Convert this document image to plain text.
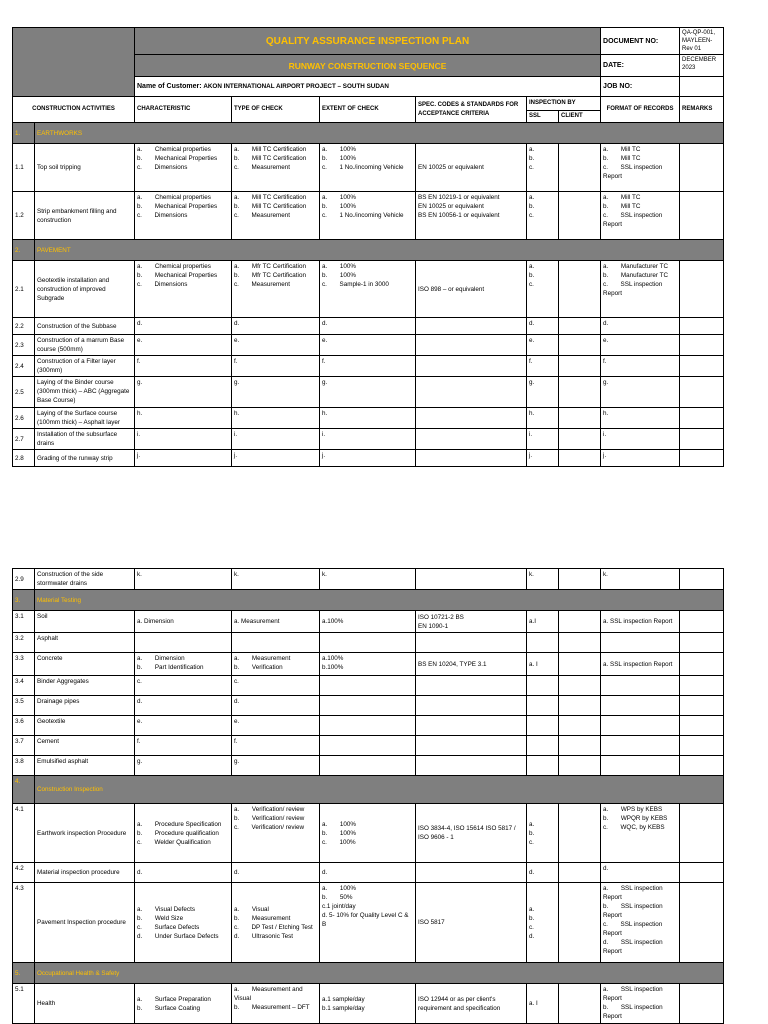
		QUALITY ASSURANCE INSPECTION PLAN						DOCUMENT NO:	QA-QP-001, MAYLEEN- Rev 01
		RUNWAY CONSTRUCTION SEQUENCE						DATE:	DECEMBER 2023
		Name of Customer: AKON INTERNATIONAL AIRPORT PROJECT – SOUTH SUDAN						JOB NO:	
CONSTRUCTION ACTIVITIES		CHARACTERISTIC	TYPE OF CHECK	EXTENT OF CHECK	SPEC. CODES & STANDARDS FOR ACCEPTANCE CRITERIA	INSPECTION BY		FORMAT OF RECORDS	REMARKS
						SSL	CLIENT		
1.	EARTHWORKS								
1.1	Top soil tripping	a.  Chemical properties
b.  Mechanical Properties
c.  Dimensions	a.  Mill TC Certification
b.  Mill TC Certification
c.  Measurement	a.  100%
b.  100%
c.  1 No./incoming Vehicle	EN 10025 or equivalent	a.
b.
c.		a.  Mill TC
b.  Mill TC
c.  SSL inspection Report	

1.2	Strip embankment filling and construction	a.  Chemical properties
b.  Mechanical Properties
c.  Dimensions	a.  Mill TC Certification
b.  Mill TC Certification
c.  Measurement	a.  100%
b.  100%
c.  1 No./incoming Vehicle	BS EN 10219-1 or equivalent
EN 10025 or equivalent
BS EN 10056-1 or equivalent	a.
b.
c.		a.  Mill TC
b.  Mill TC
c.  SSL inspection Report	

2.	PAVEMENT								
2.1	Geotextile installation and construction of improved Subgrade	a.  Chemical properties
b.  Mechanical Properties
c.  Dimensions	a.  Mfr TC Certification
b.  Mfr TC Certification
c.  Measurement	a.  100%
b.  100%
c.  Sample-1 in 3000	ISO 898 – or equivalent	a.
b.
c.		a.  Manufacturer TC
b.  Manufacturer TC
c.  SSL inspection Report	

2.2	Construction of the Subbase	d.	d.	d.		d.		d.	
2.3	Construction of a marrum Base course (500mm)	e.	e.	e.		e.		e.	
2.4	Construction of a Filter layer (300mm)	f.	f.	f.		f.		f.	
2.5	Laying of the Binder course (300mm thick) – ABC (Aggregate Base Course)	g.	g.	g.		g.		g.	
2.6	Laying of the Surface course (100mm thick) – Asphalt layer	h.	h.	h.		h.		h.	
2.7	Installation of the subsurface drains	i.	i.	i.		i.		i.	
2.8	Grading of the runway strip	j.	j.	j.		j.		j.	
2.9	Construction of the side stormwater drains	k.	k.	k.		k.		k.	
3.	Material Testing								
3.1	Soil	a. Dimension	a. Measurement	a.100%	ISO 10721-2 BS
EN 1090-1	a.I		a. SSL inspection Report	
3.2	Asphalt								
3.3	Concrete	a.  Dimension
b.  Part Identification	a.  Measurement
b.  Verification	a.100%
b.100%	BS EN 10204, TYPE 3.1	a. I		a. SSL inspection Report	
3.4	Binder Aggregates	c.	c.						
3.5	Drainage pipes	d.	d.						
3.6	Geotextile	e.	e.						
3.7	Cement	f.	f.						
3.8	Emulsified asphalt	g.	g.						
4.	Construction Inspection								
4.1	Earthwork inspection Procedure	a.  Procedure Specification
b.  Procedure qualification
c.  Welder Qualification	a.  Verification/ review
b.  Verification/ review
c.  Verification/ review	a.  100%
b.  100%
c.  100%	ISO 3834-4, ISO 15614 ISO 5817 / ISO 9606 - 1	a.
b.
c.		a.  WPS by KEBS
b.  WPQR by KEBS
c.  WQC, by KEBS	

4.2	Material inspection procedure	d.	d.	d.		d.		d.	
4.3	Pavement Inspection procedure	a.  Visual Defects
b.  Weld Size
c.  Surface Defects
d.  Under Surface Defects	a.  Visual
b.  Measurement
c.  DP Test / Etching Test
d.  Ultrasonic Test	a.  100%
b.  50%
c.1 joint/day
d. 5- 10% for Quality Level C & B	ISO 5817	a.
b.
c.
d.		a.  SSL inspection Report
b.  SSL inspection Report
c.  SSL inspection Report
d.  SSL inspection Report	

5.	Occupational Health & Safety								
5.1	Health	a.  Surface Preparation
b.  Surface Coating	a.  Measurement and Visual
b.  Measurement – DFT	a.1 sample/day
b.1 sample/day	ISO 12944 or as per client's requirement and specification	a. I		a.  SSL inspection Report
b.  SSL inspection Report	
